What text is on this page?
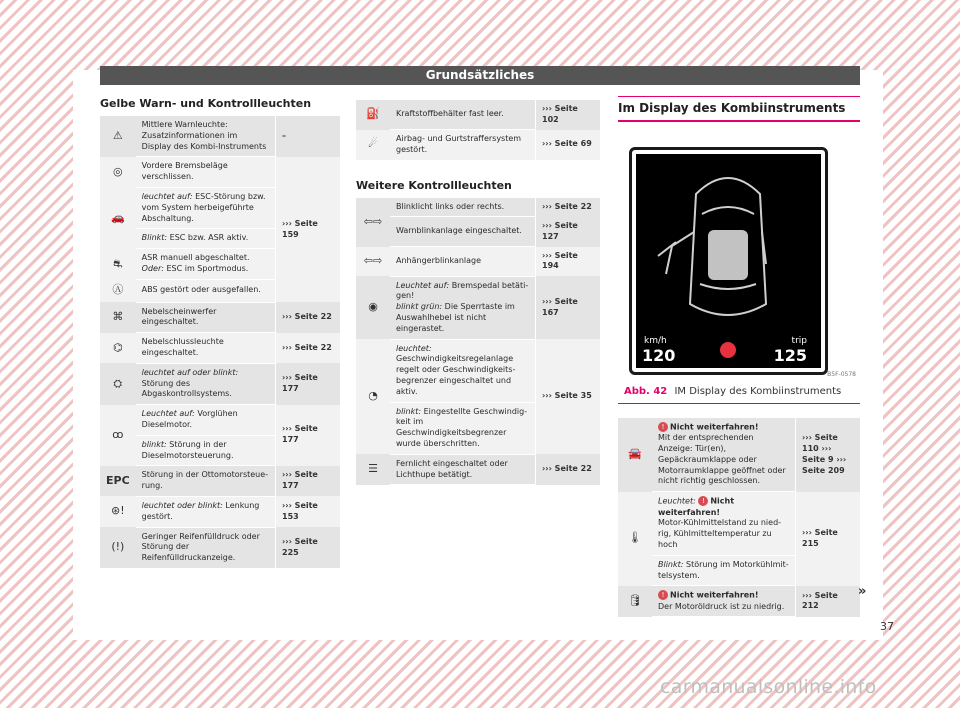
Grundsätzliches
Gelbe Warn- und Kontrollleuchten
⚠	Mittlere Warnleuchte: Zusatzinformationen im Display des Kombi-Instruments	–
◎	Vordere Bremsbeläge verschlissen.	››› Seite 159
🚗	leuchtet auf: ESC-Störung bzw. vom System herbeigeführte Abschaltung.	
	Blinkt: ESC bzw. ASR aktiv.	
⛐	ASR manuell abgeschaltet.
Oder: ESC im Sportmodus.	
Ⓐ	ABS gestört oder ausgefallen.	
⌘	Nebelscheinwerfer eingeschaltet.	››› Seite 22
⌬	Nebelschlussleuchte eingeschaltet.	››› Seite 22
⛭	leuchtet auf oder blinkt: Störung des Abgaskontrollsystems.	››› Seite 177
ꝏ	Leuchtet auf: Vorglühen Dieselmotor.	››› Seite 177
	blinkt: Störung in der Dieselmotorsteuerung.	
EPC	Störung in der Ottomotorsteuerung.	››› Seite 177
⊛!	leuchtet oder blinkt: Lenkung gestört.	››› Seite 153
(!)	Geringer Reifenfülldruck oder Störung der Reifenfülldruckanzeige.	››› Seite 225
⛽	Kraftstoffbehälter fast leer.	››› Seite 102
☄	Airbag- und Gurtstraffersystem gestört.	››› Seite 69
Weitere Kontrollleuchten
⇦⇨	Blinklicht links oder rechts.	››› Seite 22
	Warnblinkanlage eingeschaltet.	››› Seite 127
⇦⇨	Anhängerblinkanlage	››› Seite 194
◉	Leuchtet auf: Bremspedal betätigen!
blinkt grün: Die Sperrtaste im Auswahlhebel ist nicht eingerastet.	››› Seite 167
◔	leuchtet: Geschwindigkeitsregelanlage regelt oder Geschwindigkeitsbegrenzer eingeschaltet und aktiv.	››› Seite 35
	blinkt: Eingestellte Geschwindigkeit im Geschwindigkeitsbegrenzer wurde überschritten.	
☰	Fernlicht eingeschaltet oder Lichthupe betätigt.	››› Seite 22
Im Display des Kombiinstruments
km/h
120
trip
125
B5F-0578
Abb. 42 IM Display des Kombiinstruments
🚘	! Nicht weiterfahren!
Mit der entsprechenden Anzeige: Tür(en), Gepäckraumklappe oder Motorraumklappe geöffnet oder nicht richtig geschlossen.	››› Seite 110 ››› Seite 9 ››› Seite 209
🌡	Leuchtet: ! Nicht weiterfahren!
Motor-Kühlmittelstand zu niedrig, Kühlmitteltemperatur zu hoch	››› Seite 215
	Blinkt: Störung im Motorkühlmittelsystem.	
🛢	! Nicht weiterfahren!
Der Motoröldruck ist zu niedrig.	››› Seite 212
»
37
carmanualsonline.info
